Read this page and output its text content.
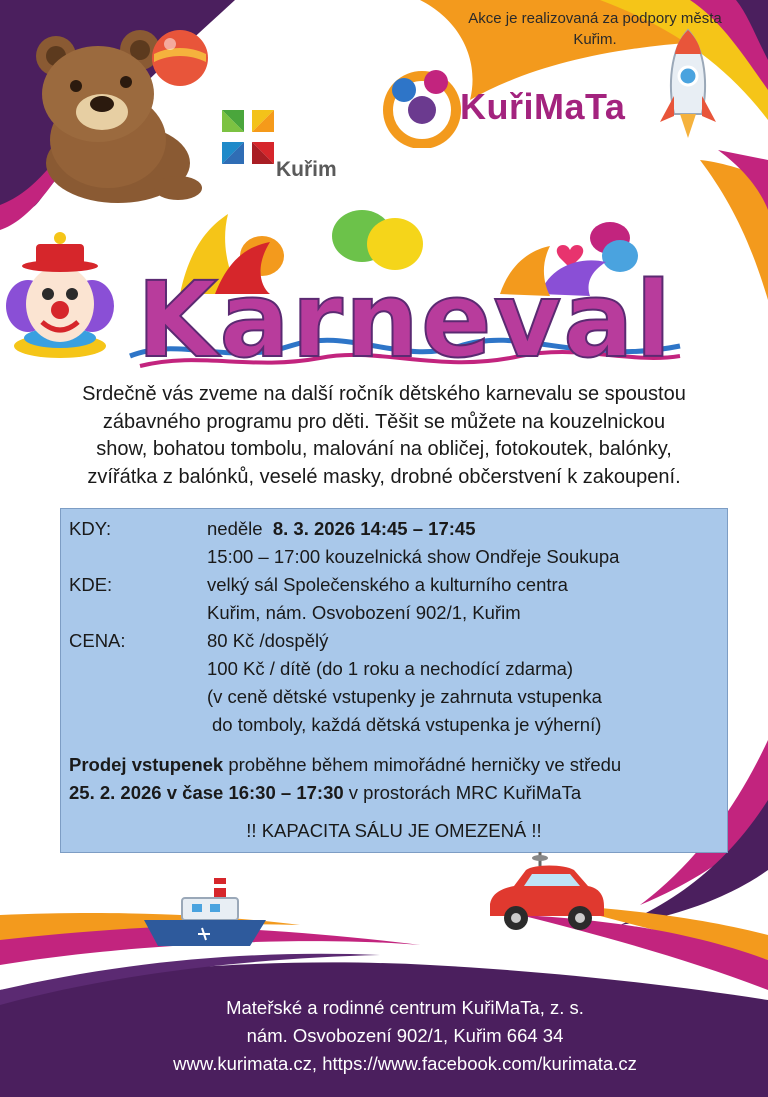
Akce je realizovaná za podpory města
Kuřim.
Kuřim
KuřiMaTa
Karneval
Srdečně vás zveme na další ročník dětského karnevalu se spoustou
zábavného programu pro děti. Těšit se můžete na kouzelnickou
show, bohatou tombolu, malování na obličej, fotokoutek, balónky,
zvířátka z balónků, veselé masky, drobné občerstvení k zakoupení.
KDY:	neděle 8. 3. 2026 14:45 – 17:45
15:00 – 17:00 kouzelnická show Ondřeje Soukupa
KDE:	velký sál Společenského a kulturního centra
Kuřim, nám. Osvobození 902/1, Kuřim
CENA:	80 Kč /dospělý
100 Kč / dítě (do 1 roku a nechodící zdarma)
(v ceně dětské vstupenky je zahrnuta vstupenka
do tomboly, každá dětská vstupenka je výherní)
Prodej vstupenek proběhne během mimořádné herničky ve středu
25. 2. 2026 v čase 16:30 – 17:30 v prostorách MRC KuřiMaTa
!! KAPACITA SÁLU JE OMEZENÁ !!
Mateřské a rodinné centrum KuřiMaTa, z. s.
nám. Osvobození 902/1, Kuřim 664 34
www.kurimata.cz, https://www.facebook.com/kurimata.cz
